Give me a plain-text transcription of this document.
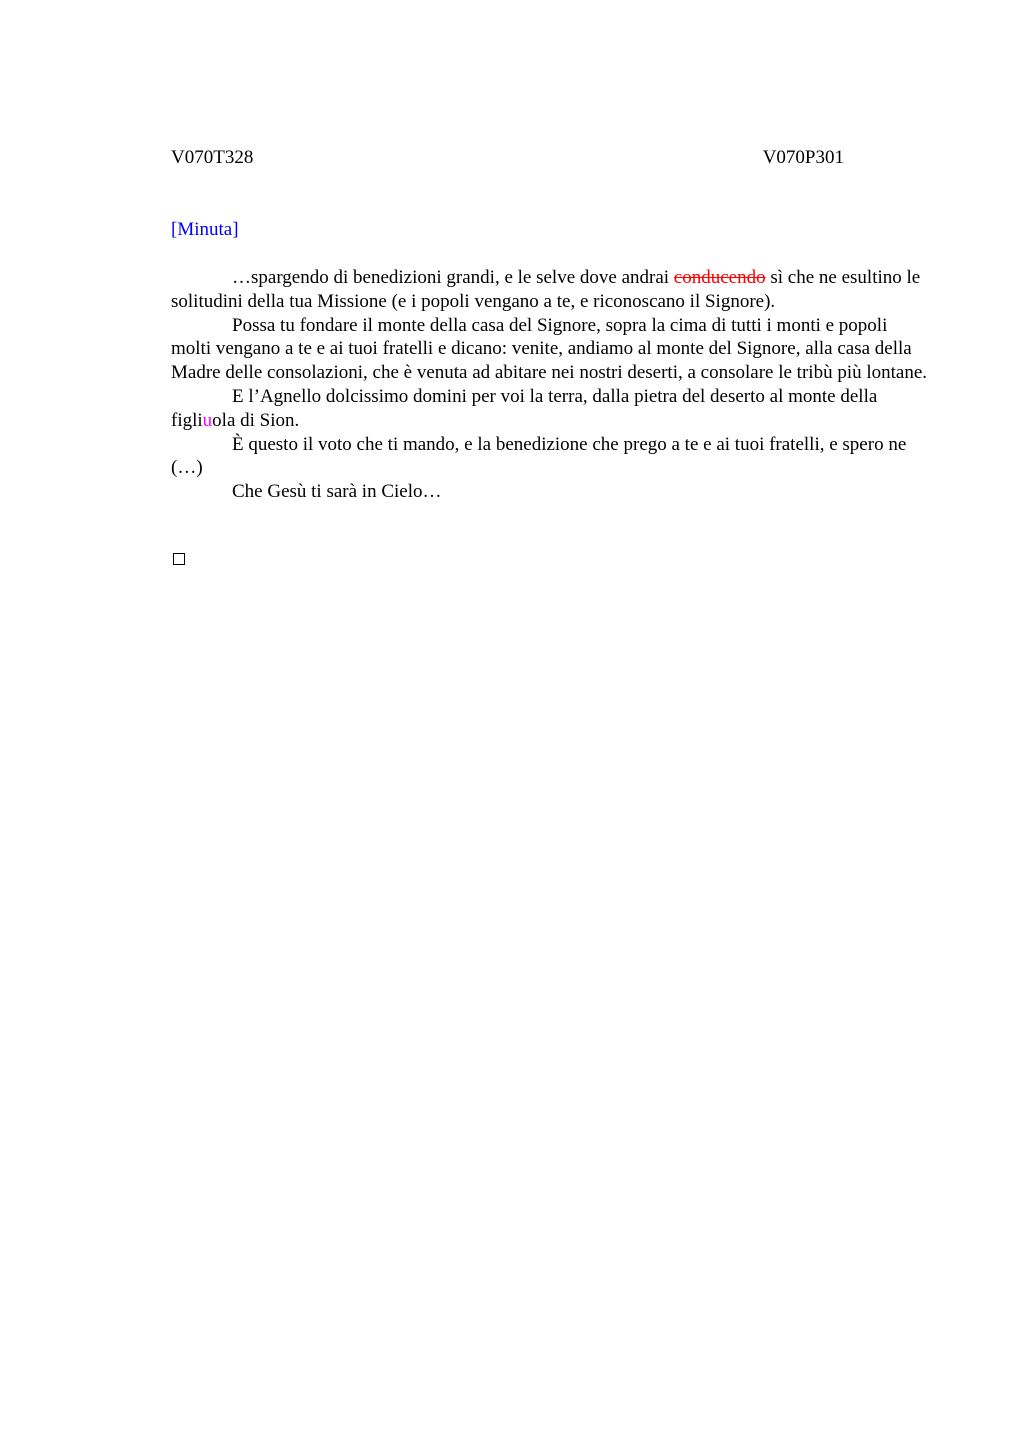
V070T328	V070P301
[Minuta]

…spargendo di benedizioni grandi, e le selve dove andrai conducendo sì che ne esultino le solitudini della tua Missione (e i popoli vengano a te, e riconoscano il Signore).

Possa tu fondare il monte della casa del Signore, sopra la cima di tutti i monti e popoli molti vengano a te e ai tuoi fratelli e dicano: venite, andiamo al monte del Signore, alla casa della Madre delle consolazioni, che è venuta ad abitare nei nostri deserti, a consolare le tribù più lontane.

E l’Agnello dolcissimo domini per voi la terra, dalla pietra del deserto al monte della figliuola di Sion.

È questo il voto che ti mando, e la benedizione che prego a te e ai tuoi fratelli, e spero ne (…)

Che Gesù ti sarà in Cielo…
